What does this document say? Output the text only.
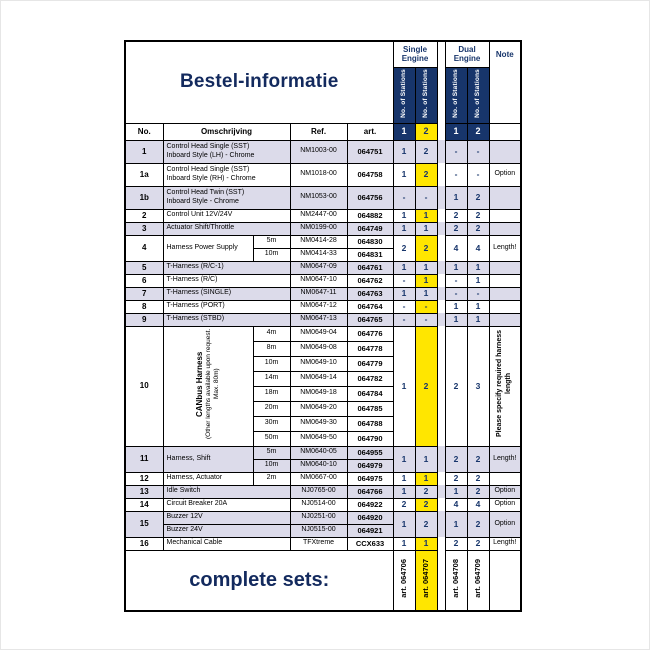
Bestel-informatie					Single Engine			Dual Engine		Note
					No. of Stations	No. of Stations		No. of Stations	No. of Stations	
No.	Omschrijving		Ref.	art.	1	2		1	2	
1	Control Head Single (SST)
Inboard Style (LH) - Chrome		NM1003-00	064751	1	2		-	-	
1a	Control Head Single (SST)
Inboard Style (RH) - Chrome		NM1018-00	064758	1	2		-	-	Option
1b	Control Head Twin (SST)
Inboard Style - Chrome		NM1053-00	064756	-	-		1	2	
2	Control Unit 12V/24V		NM2447-00	064882	1	1		2	2	
3	Actuator Shift/Throttle		NM0199-00	064749	1	1		2	2	
4	Harness Power Supply	5m	NM0414-28	064830	2	2		4	4	Length!
		10m	NM0414-33	064831						
5	T-Harness (R/C-1)		NM0647-09	064761	1	1		1	1	
6	T-Harness (R/C)		NM0647-10	064762	-	1		-	1	
7	T-Harness (SINGLE)		NM0647-11	064763	1	1		-	-	
8	T-Harness (PORT)		NM0647-12	064764	-	-		1	1	
9	T-Harness (STBD)		NM0647-13	064765	-	-		1	1	
10	CANbus Harness (Other lengths available upon request. Max. 80m)	4m	NM0649-04	064776	1	2		2	3	Please specify required harness length
		8m	NM0649-08	064778						
		10m	NM0649-10	064779						
		14m	NM0649-14	064782						
		18m	NM0649-18	064784						
		20m	NM0649-20	064785						
		30m	NM0649-30	064788						
		50m	NM0649-50	064790						
11	Harness, Shift	5m	NM0640-05	064955	1	1		2	2	Length!
		10m	NM0640-10	064979						
12	Harness, Actuator	2m	NM0667-00	064975	1	1		2	2	
13	Idle Switch		NJ0765-00	064766	1	2		1	2	Option
14	Circuit Breaker 20A		NJ0514-00	064922	2	2		4	4	Option
15	Buzzer 12V		NJ0251-00	064920	1	2		1	2	Option
	Buzzer 24V		NJ0515-00	064921						
16	Mechanical Cable		TFXtreme	CCX633	1	1		2	2	Length!
complete sets:					art. 064706	art. 064707		art. 064708	art. 064709	
